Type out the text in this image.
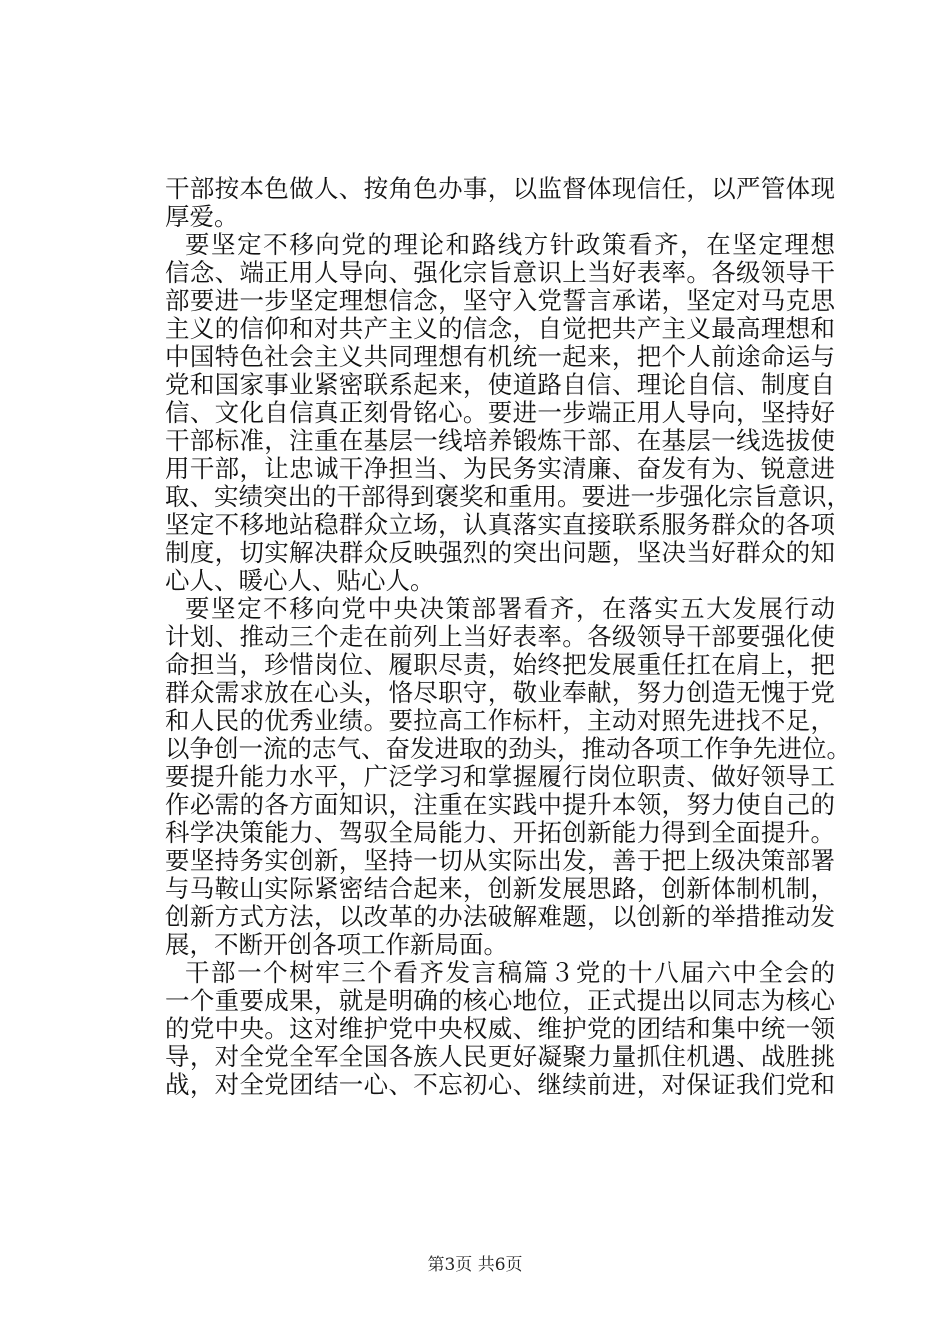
干部按本色做人、按角色办事，以监督体现信任，以严管体现
厚爱。
要坚定不移向党的理论和路线方针政策看齐，在坚定理想
信念、端正用人导向、强化宗旨意识上当好表率。各级领导干
部要进一步坚定理想信念，坚守入党誓言承诺，坚定对马克思
主义的信仰和对共产主义的信念，自觉把共产主义最高理想和
中国特色社会主义共同理想有机统一起来，把个人前途命运与
党和国家事业紧密联系起来，使道路自信、理论自信、制度自
信、文化自信真正刻骨铭心。要进一步端正用人导向，坚持好
干部标准，注重在基层一线培养锻炼干部、在基层一线选拔使
用干部，让忠诚干净担当、为民务实清廉、奋发有为、锐意进
取、实绩突出的干部得到褒奖和重用。要进一步强化宗旨意识，
坚定不移地站稳群众立场，认真落实直接联系服务群众的各项
制度，切实解决群众反映强烈的突出问题，坚决当好群众的知
心人、暖心人、贴心人。
要坚定不移向党中央决策部署看齐，在落实五大发展行动
计划、推动三个走在前列上当好表率。各级领导干部要强化使
命担当，珍惜岗位、履职尽责，始终把发展重任扛在肩上，把
群众需求放在心头，恪尽职守，敬业奉献，努力创造无愧于党
和人民的优秀业绩。要拉高工作标杆，主动对照先进找不足，
以争创一流的志气、奋发进取的劲头，推动各项工作争先进位。
要提升能力水平，广泛学习和掌握履行岗位职责、做好领导工
作必需的各方面知识，注重在实践中提升本领，努力使自己的
科学决策能力、驾驭全局能力、开拓创新能力得到全面提升。
要坚持务实创新，坚持一切从实际出发，善于把上级决策部署
与马鞍山实际紧密结合起来，创新发展思路，创新体制机制，
创新方式方法，以改革的办法破解难题，以创新的举措推动发
展，不断开创各项工作新局面。
干部一个树牢三个看齐发言稿篇３党的十八届六中全会的
一个重要成果，就是明确的核心地位，正式提出以同志为核心
的党中央。这对维护党中央权威、维护党的团结和集中统一领
导，对全党全军全国各族人民更好凝聚力量抓住机遇、战胜挑
战，对全党团结一心、不忘初心、继续前进，对保证我们党和
第3页 共6页
